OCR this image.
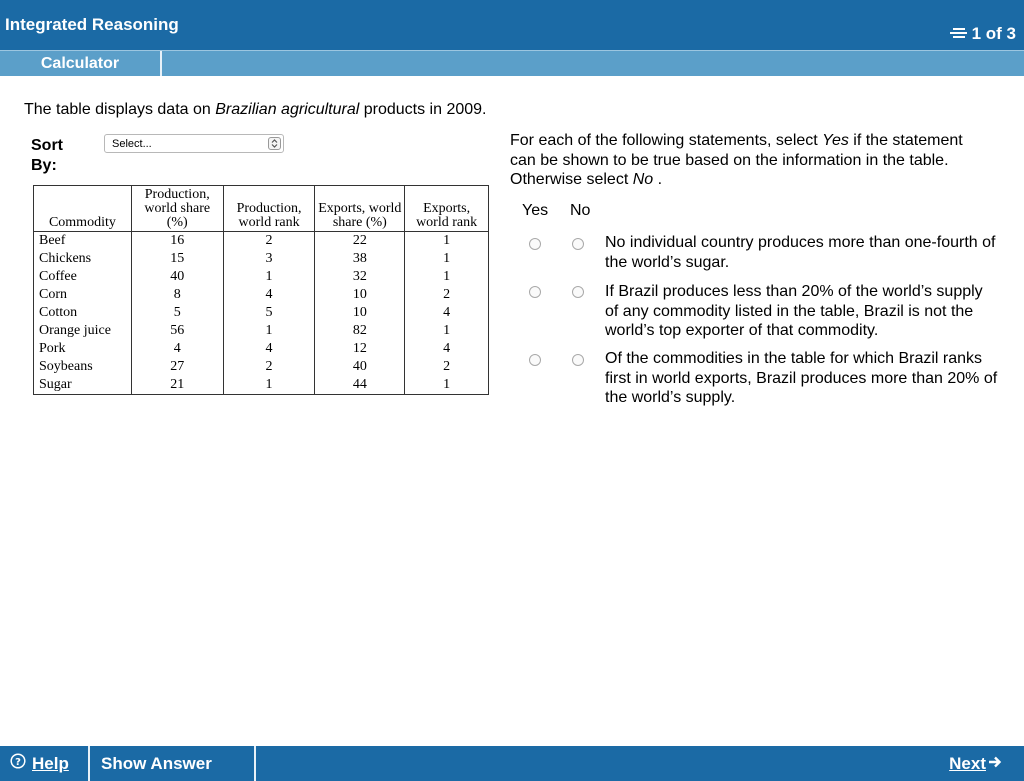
Integrated Reasoning	1 of 3
Calculator
The table displays data on Brazilian agricultural products in 2009.
Sort By:
Select...
Commodity	Production, world share (%)	Production, world rank	Exports, world share (%)	Exports, world rank
Beef	16	2	22	1
Chickens	15	3	38	1
Coffee	40	1	32	1
Corn	8	4	10	2
Cotton	5	5	10	4
Orange juice	56	1	82	1
Pork	4	4	12	4
Soybeans	27	2	40	2
Sugar	21	1	44	1
For each of the following statements, select Yes if the statement can be shown to be true based on the information in the table. Otherwise select No .
Yes No
No individual country produces more than one-fourth of the world’s sugar.
If Brazil produces less than 20% of the world’s supply of any commodity listed in the table, Brazil is not the world’s top exporter of that commodity.
Of the commodities in the table for which Brazil ranks first in world exports, Brazil produces more than 20% of the world’s supply.
? Help	Show Answer	Next
